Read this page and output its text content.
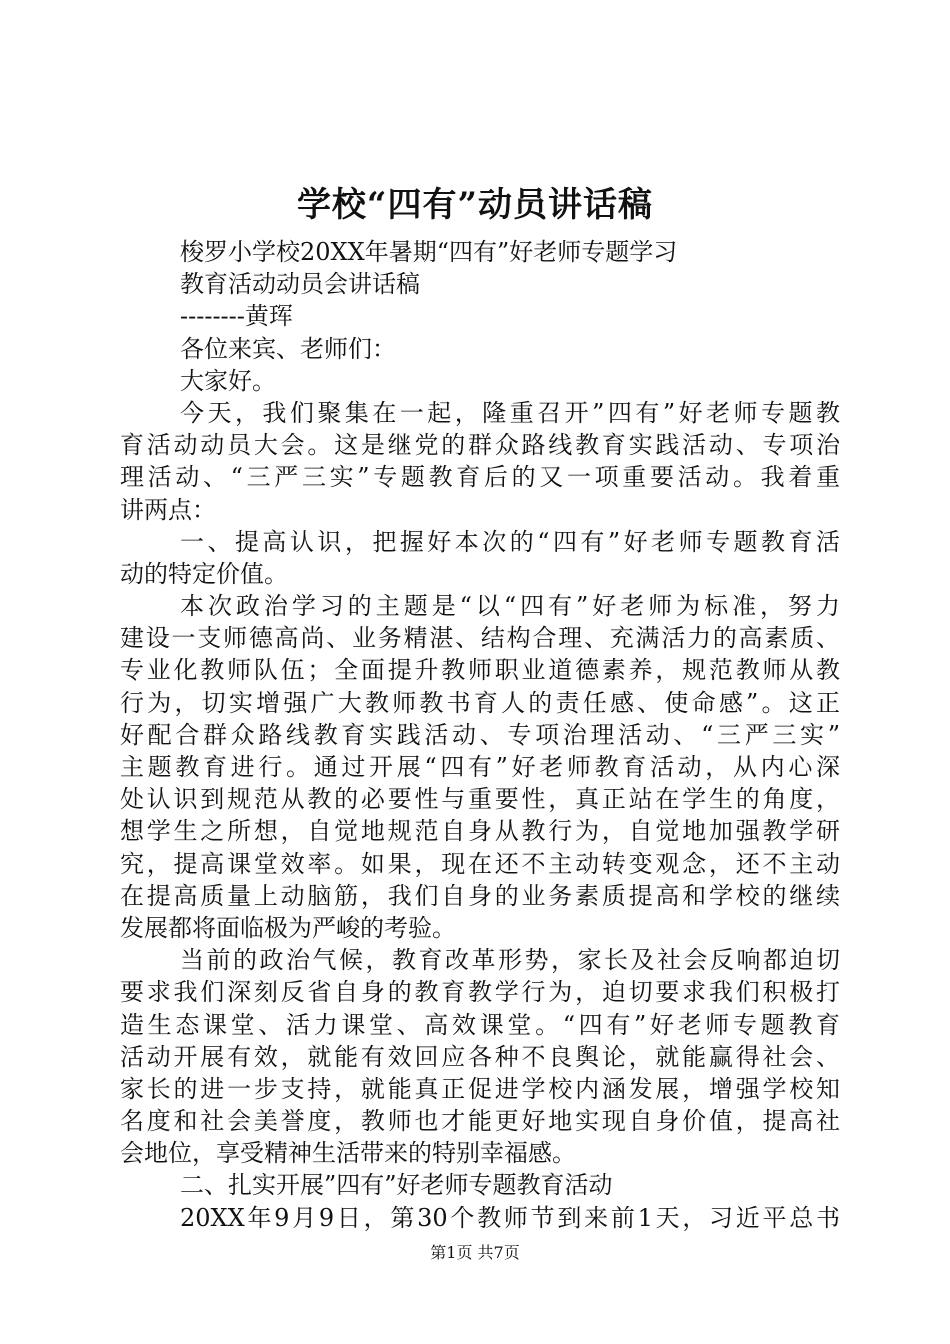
学校“四有”动员讲话稿
梭罗小学校20XX年暑期“四有”好老师专题学习
教育活动动员会讲话稿
--------黄珲
各位来宾、老师们：
大家好。
今天，我们聚集在一起，隆重召开”四有”好老师专题教
育活动动员大会。这是继党的群众路线教育实践活动、专项治
理活动、“三严三实”专题教育后的又一项重要活动。我着重
讲两点：
一、提高认识，把握好本次的“四有”好老师专题教育活
动的特定价值。
本次政治学习的主题是“以“四有”好老师为标准，努力
建设一支师德高尚、业务精湛、结构合理、充满活力的高素质、
专业化教师队伍；全面提升教师职业道德素养，规范教师从教
行为，切实增强广大教师教书育人的责任感、使命感”。这正
好配合群众路线教育实践活动、专项治理活动、“三严三实”
主题教育进行。通过开展“四有”好老师教育活动，从内心深
处认识到规范从教的必要性与重要性，真正站在学生的角度，
想学生之所想，自觉地规范自身从教行为，自觉地加强教学研
究，提高课堂效率。如果，现在还不主动转变观念，还不主动
在提高质量上动脑筋，我们自身的业务素质提高和学校的继续
发展都将面临极为严峻的考验。
当前的政治气候，教育改革形势，家长及社会反响都迫切
要求我们深刻反省自身的教育教学行为，迫切要求我们积极打
造生态课堂、活力课堂、高效课堂。“四有”好老师专题教育
活动开展有效，就能有效回应各种不良舆论，就能赢得社会、
家长的进一步支持，就能真正促进学校内涵发展，增强学校知
名度和社会美誉度，教师也才能更好地实现自身价值，提高社
会地位，享受精神生活带来的特别幸福感。
二、扎实开展”四有”好老师专题教育活动
20XX年9月9日，第30个教师节到来前1天，习近平总书
第1页 共7页
